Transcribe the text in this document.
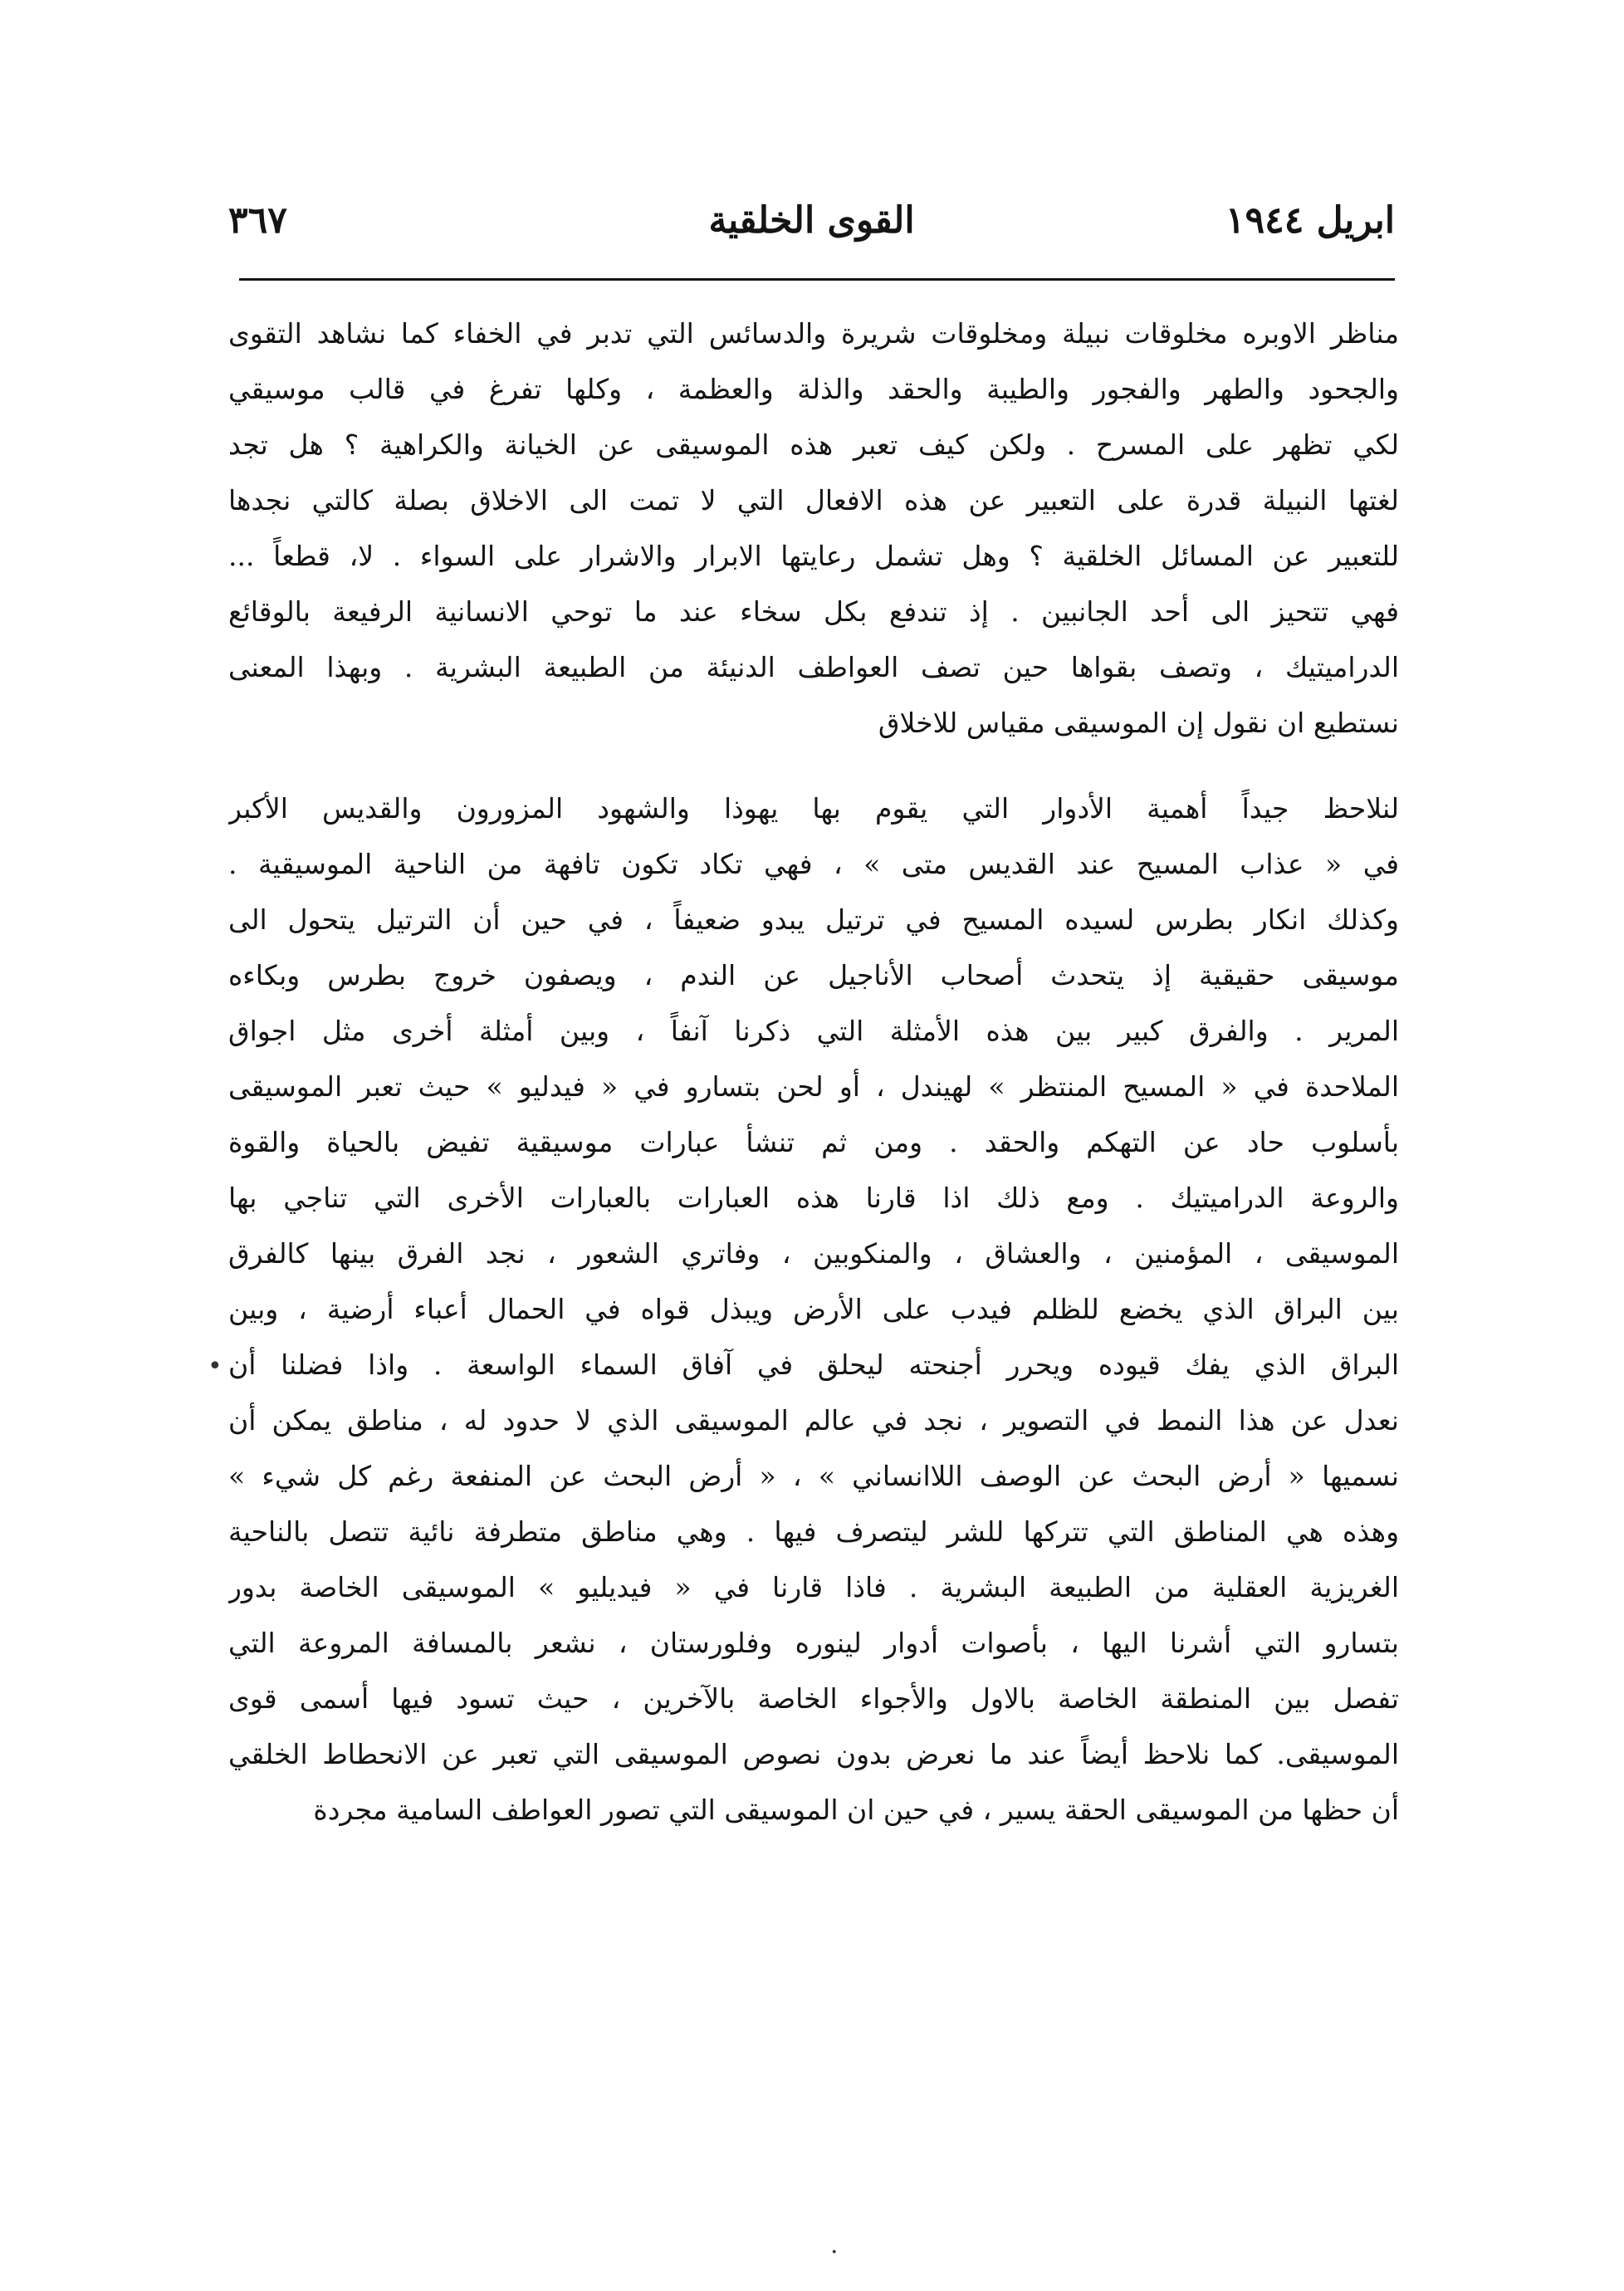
ابريل ١٩٤٤
القوى الخلقية
٣٦٧
مناظر الاوبره مخلوقات نبيلة ومخلوقات شريرة والدسائس التي تدبر في الخفاء كما نشاهد التقوى
والجحود والطهر والفجور والطيبة والحقد والذلة والعظمة ، وكلها تفرغ في قالب موسيقي
لكي تظهر على المسرح . ولكن كيف تعبر هذه الموسيقى عن الخيانة والكراهية ؟ هل تجد
لغتها النبيلة قدرة على التعبير عن هذه الافعال التي لا تمت الى الاخلاق بصلة كالتي نجدها
للتعبير عن المسائل الخلقية ؟ وهل تشمل رعايتها الابرار والاشرار على السواء . لا، قطعاً ...
فهي تتحيز الى أحد الجانبين . إذ تندفع بكل سخاء عند ما توحي الانسانية الرفيعة بالوقائع
الدراميتيك ، وتصف بقواها حين تصف العواطف الدنيئة من الطبيعة البشرية . وبهذا المعنى
نستطيع ان نقول إن الموسيقى مقياس للاخلاق
لنلاحظ جيداً أهمية الأدوار التي يقوم بها يهوذا والشهود المزورون والقديس الأكبر
في « عذاب المسيح عند القديس متى » ، فهي تكاد تكون تافهة من الناحية الموسيقية .
وكذلك انكار بطرس لسيده المسيح في ترتيل يبدو ضعيفاً ، في حين أن الترتيل يتحول الى
موسيقى حقيقية إذ يتحدث أصحاب الأناجيل عن الندم ، ويصفون خروج بطرس وبكاءه
المرير . والفرق كبير بين هذه الأمثلة التي ذكرنا آنفاً ، وبين أمثلة أخرى مثل اجواق
الملاحدة في « المسيح المنتظر » لهيندل ، أو لحن بتسارو في « فيدليو » حيث تعبر الموسيقى
بأسلوب حاد عن التهكم والحقد . ومن ثم تنشأ عبارات موسيقية تفيض بالحياة والقوة
والروعة الدراميتيك . ومع ذلك اذا قارنا هذه العبارات بالعبارات الأخرى التي تناجي بها
الموسيقى ، المؤمنين ، والعشاق ، والمنكوبين ، وفاتري الشعور ، نجد الفرق بينها كالفرق
بين البراق الذي يخضع للظلم فيدب على الأرض ويبذل قواه في الحمال أعباء أرضية ، وبين
البراق الذي يفك قيوده ويحرر أجنحته ليحلق في آفاق السماء الواسعة . واذا فضلنا أن
نعدل عن هذا النمط في التصوير ، نجد في عالم الموسيقى الذي لا حدود له ، مناطق يمكن أن
نسميها « أرض البحث عن الوصف اللاانساني » ، « أرض البحث عن المنفعة رغم كل شيء »
وهذه هي المناطق التي تتركها للشر ليتصرف فيها . وهي مناطق متطرفة نائية تتصل بالناحية
الغريزية العقلية من الطبيعة البشرية . فاذا قارنا في « فيديليو » الموسيقى الخاصة بدور
بتسارو التي أشرنا اليها ، بأصوات أدوار لينوره وفلورستان ، نشعر بالمسافة المروعة التي
تفصل بين المنطقة الخاصة بالاول والأجواء الخاصة بالآخرين ، حيث تسود فيها أسمى قوى
الموسيقى. كما نلاحظ أيضاً عند ما نعرض بدون نصوص الموسيقى التي تعبر عن الانحطاط الخلقي
أن حظها من الموسيقى الحقة يسير ، في حين ان الموسيقى التي تصور العواطف السامية مجردة
•
·
